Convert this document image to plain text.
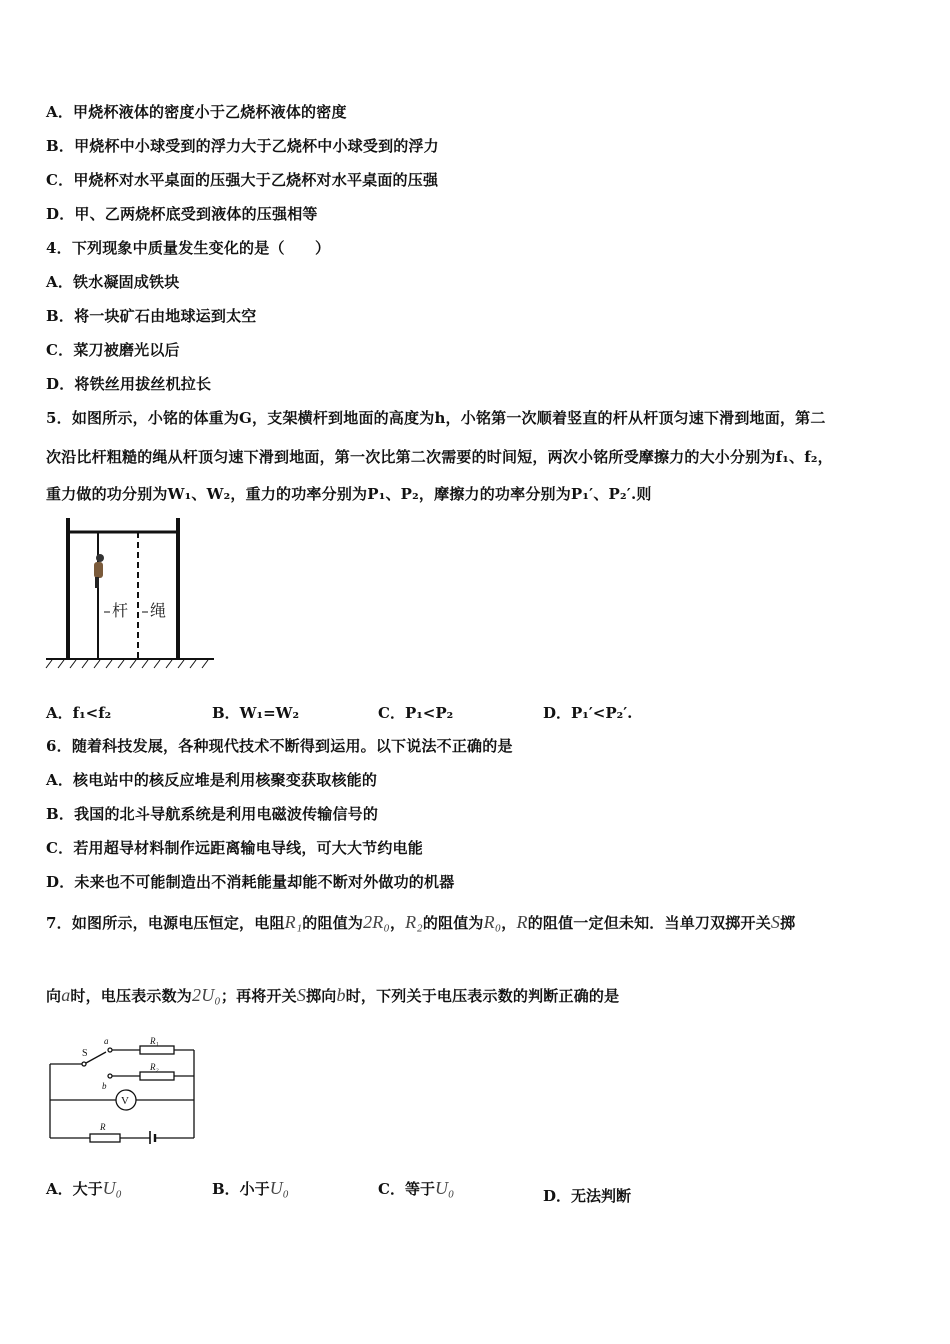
A．甲烧杯液体的密度小于乙烧杯液体的密度
B．甲烧杯中小球受到的浮力大于乙烧杯中小球受到的浮力
C．甲烧杯对水平桌面的压强大于乙烧杯对水平桌面的压强
D．甲、乙两烧杯底受到液体的压强相等
4．下列现象中质量发生变化的是（　　）
A．铁水凝固成铁块
B．将一块矿石由地球运到太空
C．菜刀被磨光以后
D．将铁丝用拔丝机拉长
5．如图所示，小铭的体重为G，支架横杆到地面的高度为h，小铭第一次顺着竖直的杆从杆顶匀速下滑到地面，第二
次沿比杆粗糙的绳从杆顶匀速下滑到地面，第一次比第二次需要的时间短，两次小铭所受摩擦力的大小分别为f₁、f₂，
重力做的功分别为W₁、W₂，重力的功率分别为P₁、P₂，摩擦力的功率分别为P₁′、P₂′.则
杆 绳
A．f₁<f₂	B．W₁=W₂	C．P₁<P₂	D．P₁′<P₂′.
6．随着科技发展，各种现代技术不断得到运用。以下说法不正确的是
A．核电站中的核反应堆是利用核聚变获取核能的
B．我国的北斗导航系统是利用电磁波传输信号的
C．若用超导材料制作远距离输电导线，可大大节约电能
D．未来也不可能制造出不消耗能量却能不断对外做功的机器
7．如图所示，电源电压恒定，电阻R₁的阻值为2R₀，R₂的阻值为R₀，R的阻值一定但未知．当单刀双掷开关S掷
向a时，电压表示数为2U₀；再将开关S掷向b时，下列关于电压表示数的判断正确的是
S
a
b
R₁
R₂
V
R
A．大于U₀	B．小于U₀	C．等于U₀	D．无法判断
